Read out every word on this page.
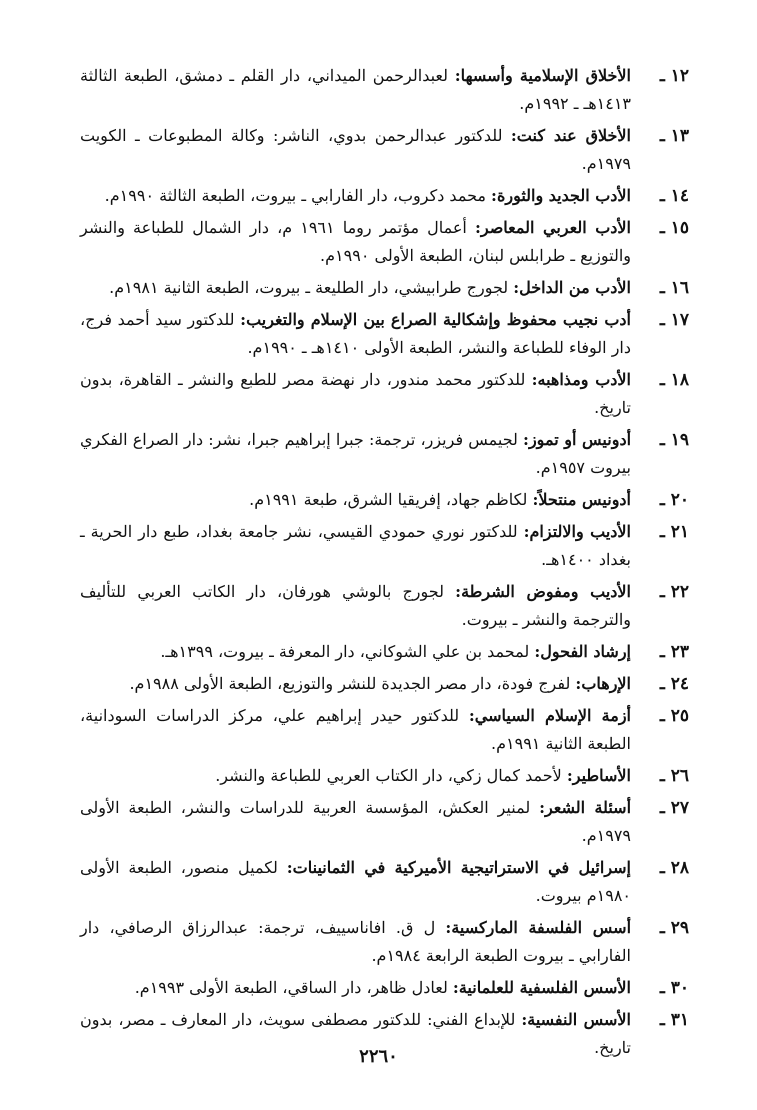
١٢ ـ
الأخلاق الإسلامية وأسسها: لعبدالرحمن الميداني، دار القلم ـ دمشق، الطبعة الثالثة ١٤١٣هـ ـ ١٩٩٢م.
١٣ ـ
الأخلاق عند كنت: للدكتور عبدالرحمن بدوي، الناشر: وكالة المطبوعات ـ الكويت ١٩٧٩م.
١٤ ـ
الأدب الجديد والثورة: محمد دكروب، دار الفارابي ـ بيروت، الطبعة الثالثة ١٩٩٠م.
١٥ ـ
الأدب العربي المعاصر: أعمال مؤتمر روما ١٩٦١ م، دار الشمال للطباعة والنشر والتوزيع ـ طرابلس لبنان، الطبعة الأولى ١٩٩٠م.
١٦ ـ
الأدب من الداخل: لجورج طرابيشي، دار الطليعة ـ بيروت، الطبعة الثانية ١٩٨١م.
١٧ ـ
أدب نجيب محفوظ وإشكالية الصراع بين الإسلام والتغريب: للدكتور سيد أحمد فرج، دار الوفاء للطباعة والنشر، الطبعة الأولى ١٤١٠هـ ـ ١٩٩٠م.
١٨ ـ
الأدب ومذاهبه: للدكتور محمد مندور، دار نهضة مصر للطبع والنشر ـ القاهرة، بدون تاريخ.
١٩ ـ
أدونيس أو تموز: لجيمس فريزر، ترجمة: جبرا إبراهيم جبرا، نشر: دار الصراع الفكري بيروت ١٩٥٧م.
٢٠ ـ
أدونيس منتحلاً: لكاظم جهاد، إفريقيا الشرق، طبعة ١٩٩١م.
٢١ ـ
الأديب والالتزام: للدكتور نوري حمودي القيسي، نشر جامعة بغداد، طبع دار الحرية ـ بغداد ١٤٠٠هـ.
٢٢ ـ
الأديب ومفوض الشرطة: لجورج بالوشي هورفان، دار الكاتب العربي للتأليف والترجمة والنشر ـ بيروت.
٢٣ ـ
إرشاد الفحول: لمحمد بن علي الشوكاني، دار المعرفة ـ بيروت، ١٣٩٩هـ.
٢٤ ـ
الإرهاب: لفرج فودة، دار مصر الجديدة للنشر والتوزيع، الطبعة الأولى ١٩٨٨م.
٢٥ ـ
أزمة الإسلام السياسي: للدكتور حيدر إبراهيم علي، مركز الدراسات السودانية، الطبعة الثانية ١٩٩١م.
٢٦ ـ
الأساطير: لأحمد كمال زكي، دار الكتاب العربي للطباعة والنشر.
٢٧ ـ
أسئلة الشعر: لمنير العكش، المؤسسة العربية للدراسات والنشر، الطبعة الأولى ١٩٧٩م.
٢٨ ـ
إسرائيل في الاستراتيجية الأميركية في الثمانينات: لكميل منصور، الطبعة الأولى ١٩٨٠م بيروت.
٢٩ ـ
أسس الفلسفة الماركسية: ل ق. افاناسييف، ترجمة: عبدالرزاق الرصافي، دار الفارابي ـ بيروت الطبعة الرابعة ١٩٨٤م.
٣٠ ـ
الأسس الفلسفية للعلمانية: لعادل ظاهر، دار الساقي، الطبعة الأولى ١٩٩٣م.
٣١ ـ
الأسس النفسية: للإبداع الفني: للدكتور مصطفى سويث، دار المعارف ـ مصر، بدون تاريخ.
٢٢٦٠
